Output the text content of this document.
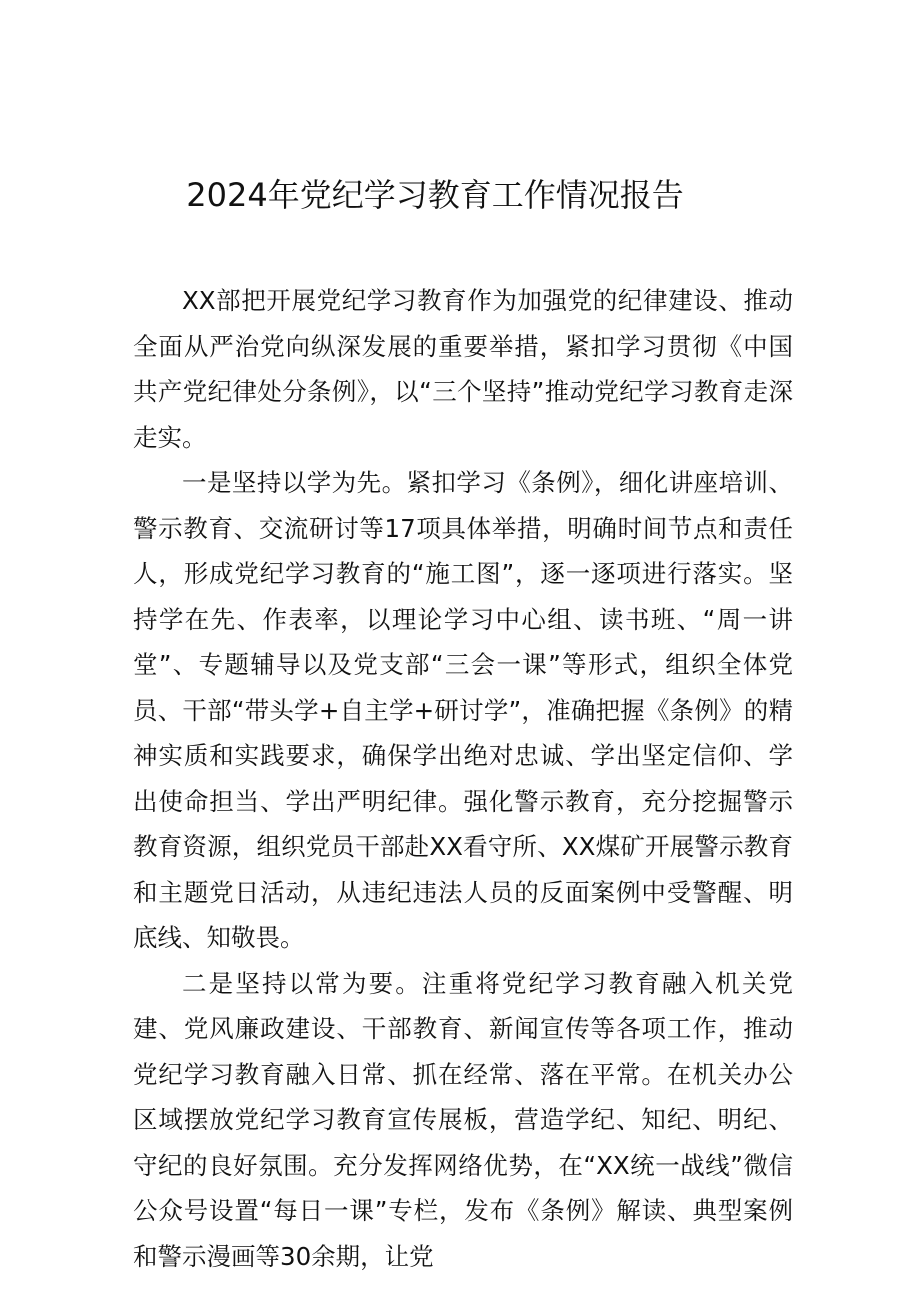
2024年党纪学习教育工作情况报告

XX部把开展党纪学习教育作为加强党的纪律建设、推动全面从严治党向纵深发展的重要举措，紧扣学习贯彻《中国共产党纪律处分条例》，以“三个坚持”推动党纪学习教育走深走实。

一是坚持以学为先。紧扣学习《条例》，细化讲座培训、警示教育、交流研讨等17项具体举措，明确时间节点和责任人，形成党纪学习教育的“施工图”，逐一逐项进行落实。坚持学在先、作表率，以理论学习中心组、读书班、“周一讲堂”、专题辅导以及党支部“三会一课”等形式，组织全体党员、干部“带头学+自主学+研讨学”，准确把握《条例》的精神实质和实践要求，确保学出绝对忠诚、学出坚定信仰、学出使命担当、学出严明纪律。强化警示教育，充分挖掘警示教育资源，组织党员干部赴XX看守所、XX煤矿开展警示教育和主题党日活动，从违纪违法人员的反面案例中受警醒、明底线、知敬畏。

二是坚持以常为要。注重将党纪学习教育融入机关党建、党风廉政建设、干部教育、新闻宣传等各项工作，推动党纪学习教育融入日常、抓在经常、落在平常。在机关办公区域摆放党纪学习教育宣传展板，营造学纪、知纪、明纪、守纪的良好氛围。充分发挥网络优势，在“XX统一战线”微信公众号设置“每日一课”专栏，发布《条例》解读、典型案例和警示漫画等30余期，让党
